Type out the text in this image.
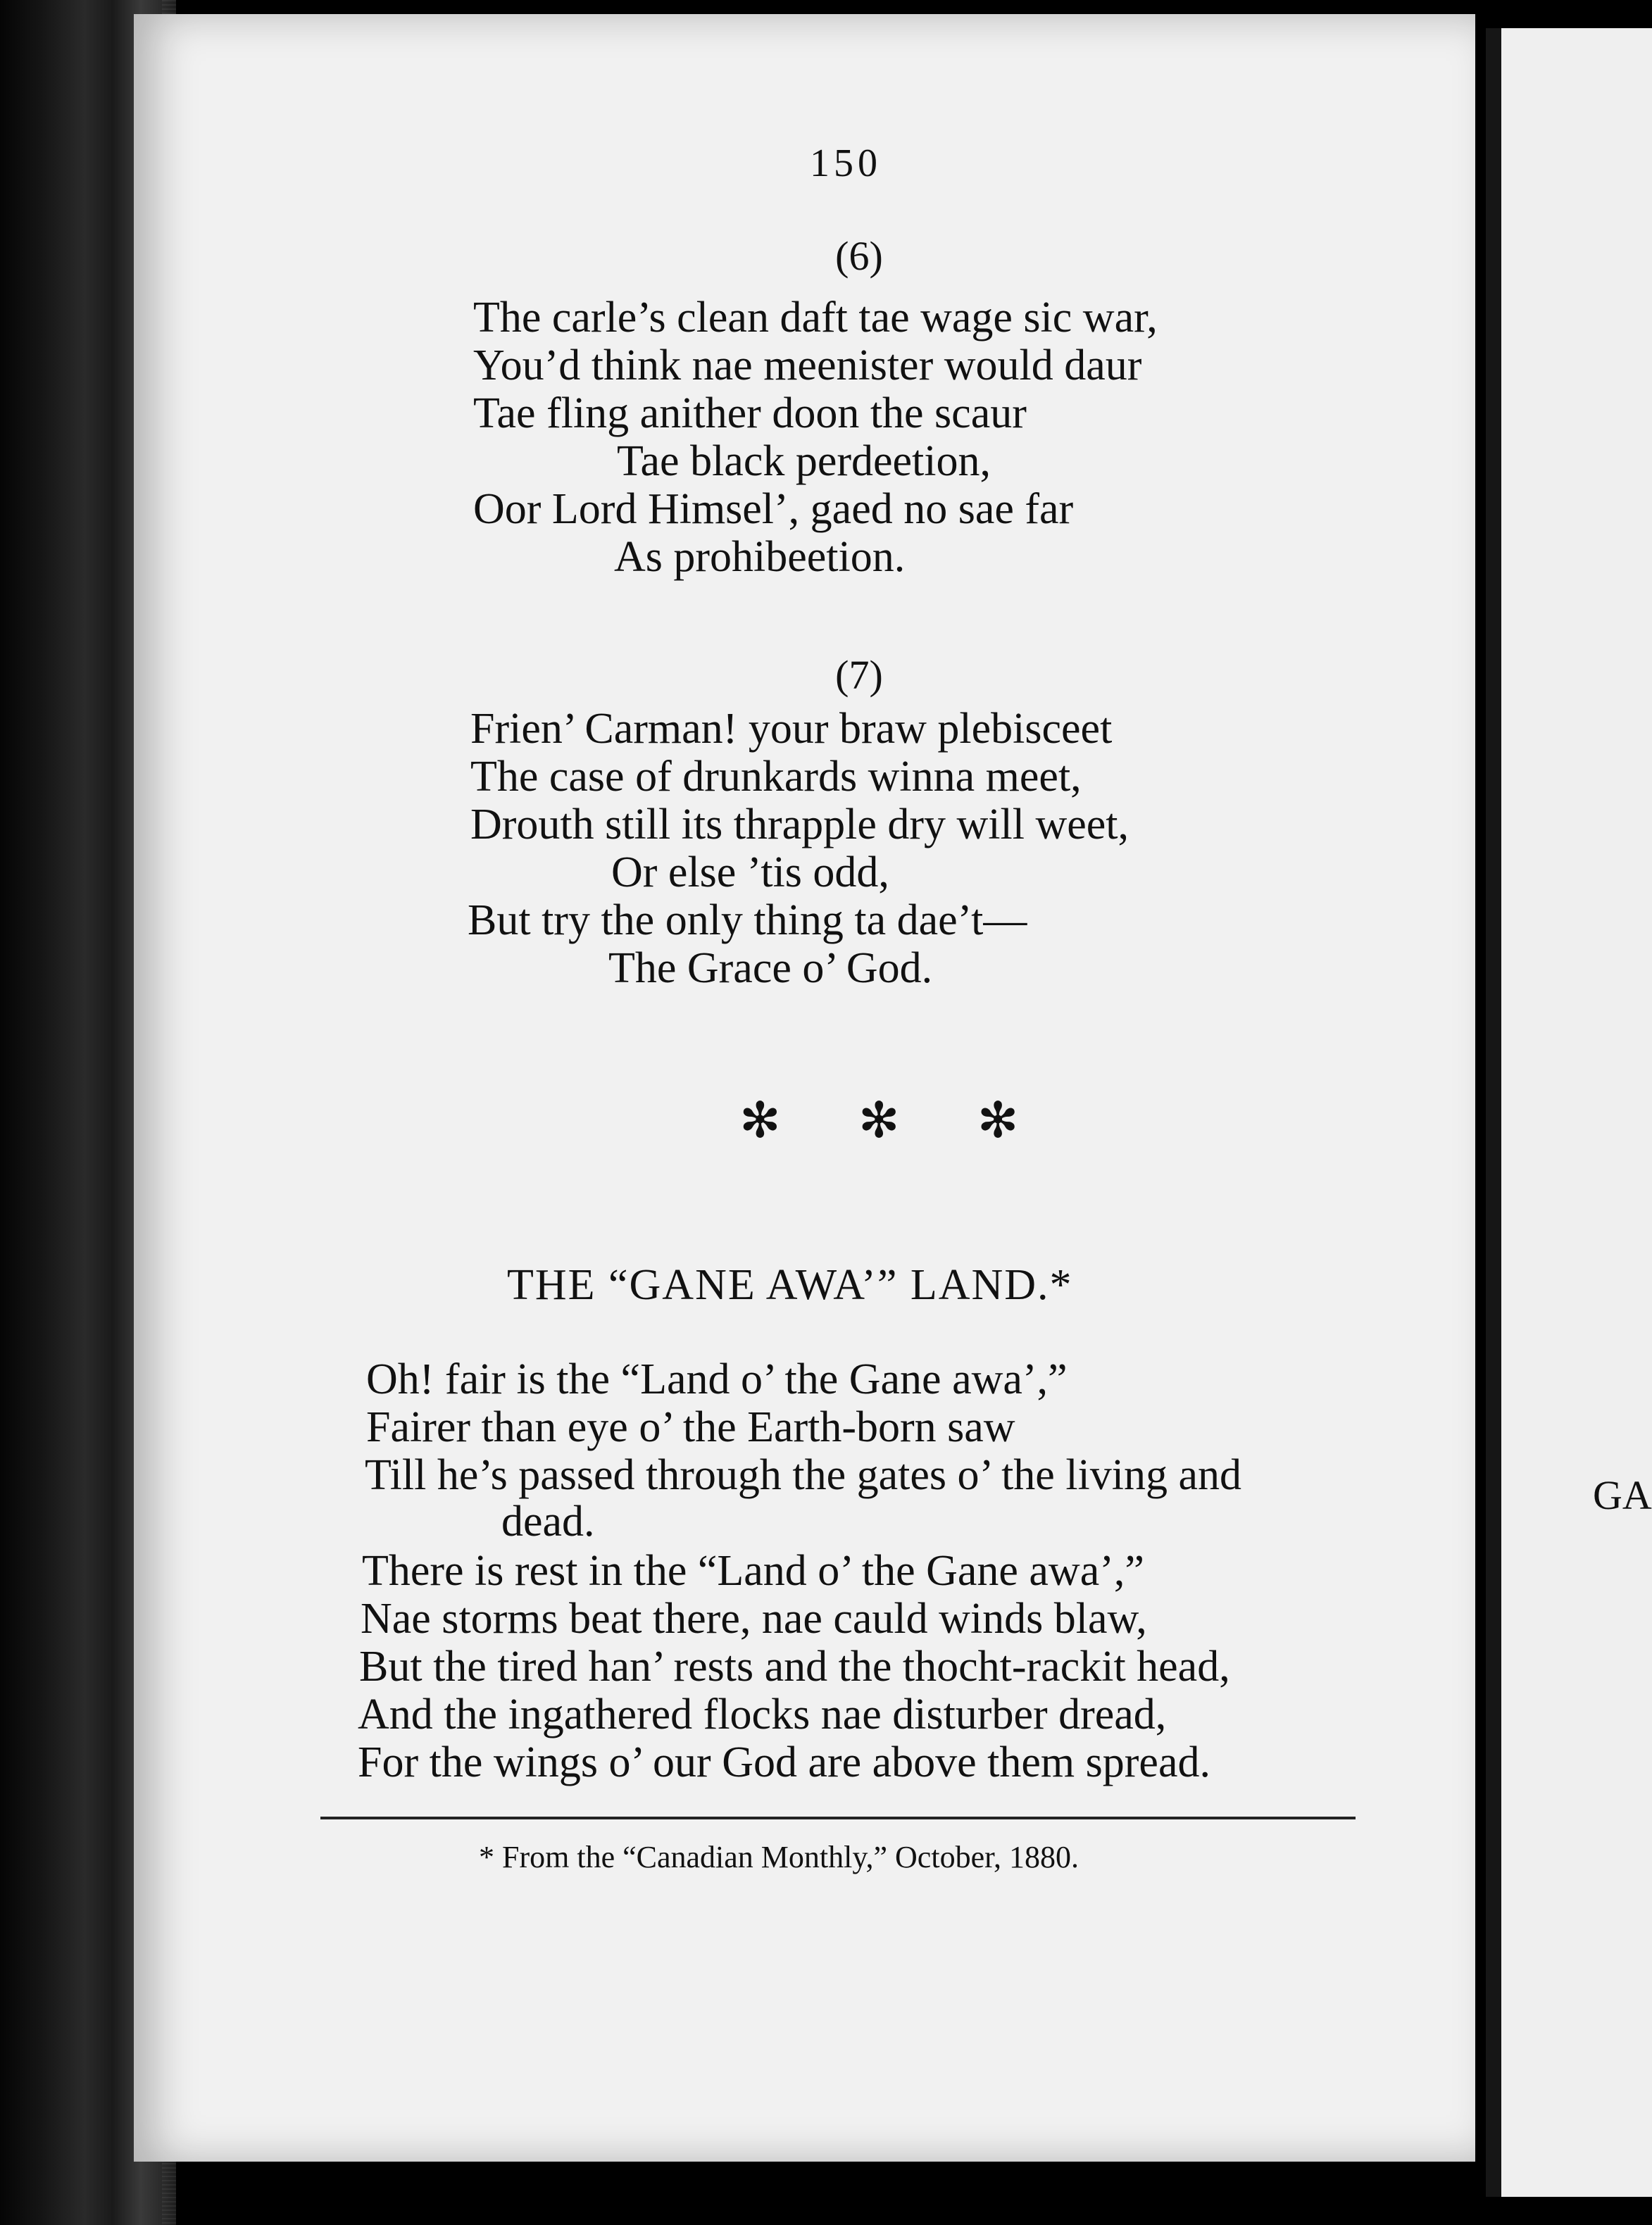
GA
150
(6)
The carle’s clean daft tae wage sic war,
You’d think nae meenister would daur
Tae fling anither doon the scaur
Tae black perdeetion,
Oor Lord Himsel’, gaed no sae far
As prohibeetion.
(7)
Frien’ Carman! your braw plebisceet
The case of drunkards winna meet,
Drouth still its thrapple dry will weet,
Or else ’tis odd,
But try the only thing ta dae’t—
The Grace o’ God.
✻ ✻ ✻
THE “GANE AWA’” LAND.*
Oh! fair is the “Land o’ the Gane awa’,”
Fairer than eye o’ the Earth-born saw
Till he’s passed through the gates o’ the living and
dead.
There is rest in the “Land o’ the Gane awa’,”
Nae storms beat there, nae cauld winds blaw,
But the tired han’ rests and the thocht-rackit head,
And the ingathered flocks nae disturber dread,
For the wings o’ our God are above them spread.
* From the “Canadian Monthly,” October, 1880.
